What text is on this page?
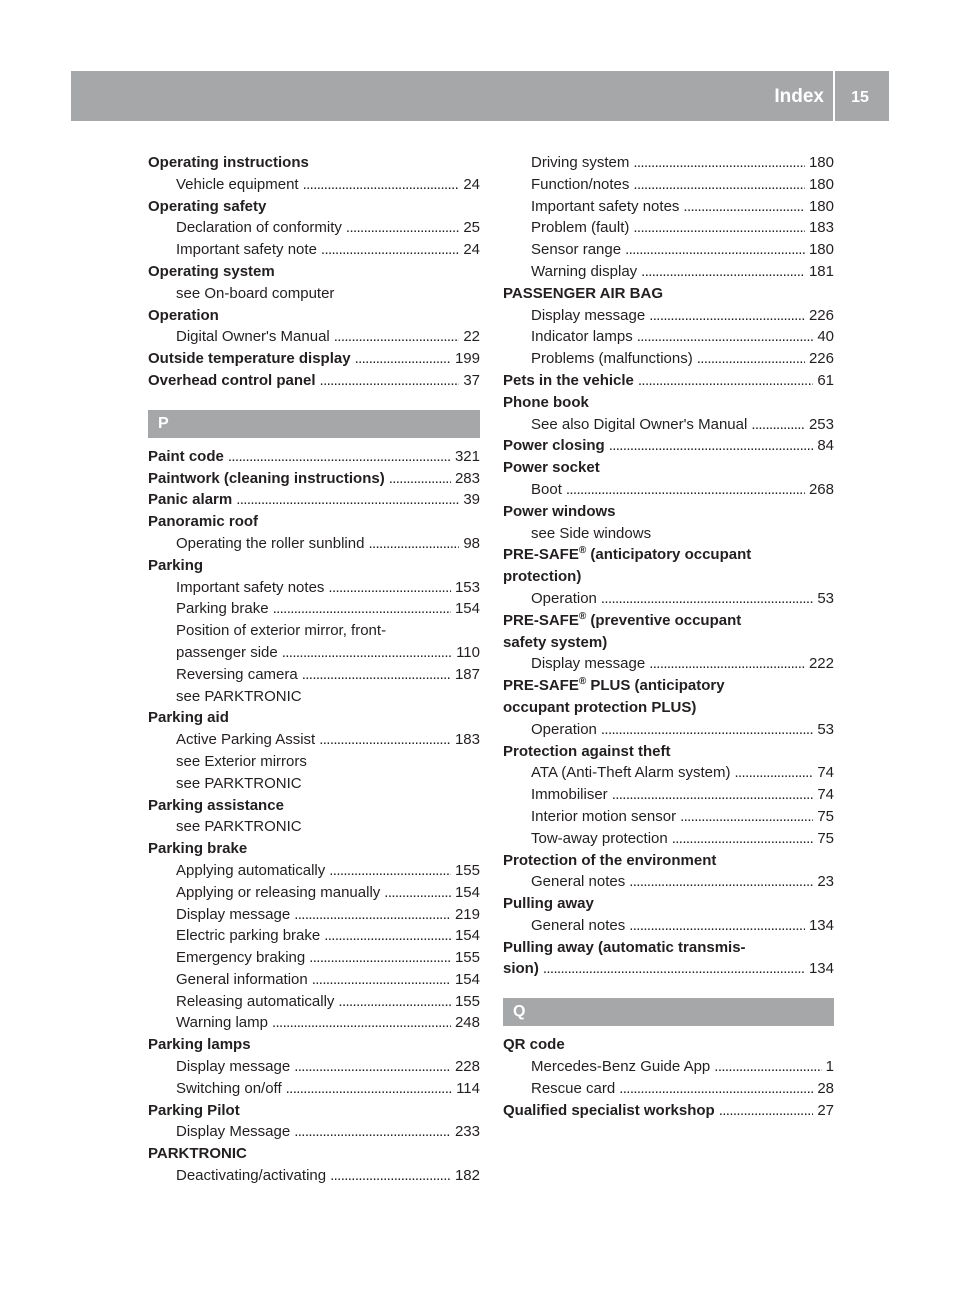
Index	15
Operating instructions
Vehicle equipment . . .	24
Operating safety
Declaration of conformity . . .	25
Important safety note . . .	24
Operating system
see On-board computer
Operation
Digital Owner's Manual . . .	22
Outside temperature display . . .	199
Overhead control panel . . .	37
P
Paint code . . .	321
Paintwork (cleaning instructions) . . .	283
Panic alarm . . .	39
Panoramic roof
Operating the roller sunblind . . .	98
Parking
Important safety notes . . .	153
Parking brake . . .	154
Position of exterior mirror, front-
passenger side . . .	110
Reversing camera . . .	187
see PARKTRONIC
Parking aid
Active Parking Assist . . .	183
see Exterior mirrors
see PARKTRONIC
Parking assistance
see PARKTRONIC
Parking brake
Applying automatically . . .	155
Applying or releasing manually . . .	154
Display message . . .	219
Electric parking brake . . .	154
Emergency braking . . .	155
General information . . .	154
Releasing automatically . . .	155
Warning lamp . . .	248
Parking lamps
Display message . . .	228
Switching on/off . . .	114
Parking Pilot
Display Message . . .	233
PARKTRONIC
Deactivating/activating . . .	182
Driving system . . .	180
Function/notes . . .	180
Important safety notes . . .	180
Problem (fault) . . .	183
Sensor range . . .	180
Warning display . . .	181
PASSENGER AIR BAG
Display message . . .	226
Indicator lamps . . .	40
Problems (malfunctions) . . .	226
Pets in the vehicle . . .	61
Phone book
See also Digital Owner's Manual . . .	253
Power closing . . .	84
Power socket
Boot . . .	268
Power windows
see Side windows
PRE-SAFE® (anticipatory occupant
protection)
Operation . . .	53
PRE-SAFE® (preventive occupant
safety system)
Display message . . .	222
PRE-SAFE® PLUS (anticipatory
occupant protection PLUS)
Operation . . .	53
Protection against theft
ATA (Anti-Theft Alarm system) . . .	74
Immobiliser . . .	74
Interior motion sensor . . .	75
Tow-away protection . . .	75
Protection of the environment
General notes . . .	23
Pulling away
General notes . . .	134
Pulling away (automatic transmis-
sion) . . .	134
Q
QR code
Mercedes-Benz Guide App . . .	1
Rescue card . . .	28
Qualified specialist workshop . . .	27
